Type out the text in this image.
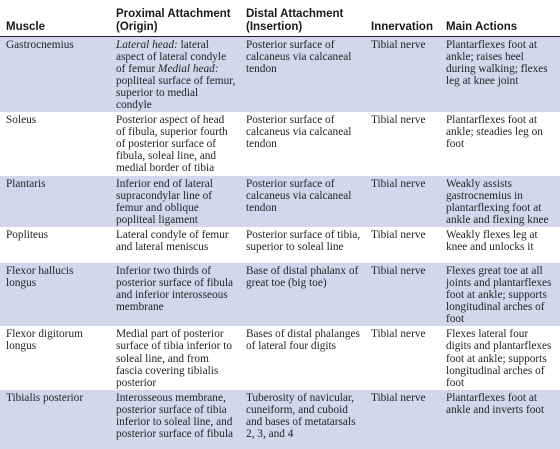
Muscle	Proximal Attachment (Origin)	Distal Attachment (Insertion)	Innervation	Main Actions
Gastrocnemius	Lateral head: lateral aspect of lateral condyle of femur Medial head: popliteal surface of femur, superior to medial condyle	Posterior surface of calcaneus via calcaneal tendon	Tibial nerve	Plantarflexes foot at ankle; raises heel during walking; flexes leg at knee joint
Soleus	Posterior aspect of head of fibula, superior fourth of posterior surface of fibula, soleal line, and medial border of tibia	Posterior surface of calcaneus via calcaneal tendon	Tibial nerve	Plantarflexes foot at ankle; steadies leg on foot
Plantaris	Inferior end of lateral supracondylar line of femur and oblique popliteal ligament	Posterior surface of calcaneus via calcaneal tendon	Tibial nerve	Weakly assists gastrocnemius in plantarflexing foot at ankle and flexing knee
Popliteus	Lateral condyle of femur and lateral meniscus	Posterior surface of tibia, superior to soleal line	Tibial nerve	Weakly flexes leg at knee and unlocks it
Flexor hallucis longus	Inferior two thirds of posterior surface of fibula and inferior interosseous membrane	Base of distal phalanx of great toe (big toe)	Tibial nerve	Flexes great toe at all joints and plantarflexes foot at ankle; supports longitudinal arches of foot
Flexor digitorum longus	Medial part of posterior surface of tibia inferior to soleal line, and from fascia covering tibialis posterior	Bases of distal phalanges of lateral four digits	Tibial nerve	Flexes lateral four digits and plantarflexes foot at ankle; supports longitudinal arches of foot
Tibialis posterior	Interosseous membrane, posterior surface of tibia inferior to soleal line, and posterior surface of fibula	Tuberosity of navicular, cuneiform, and cuboid and bases of metatarsals 2, 3, and 4	Tibial nerve	Plantarflexes foot at ankle and inverts foot
